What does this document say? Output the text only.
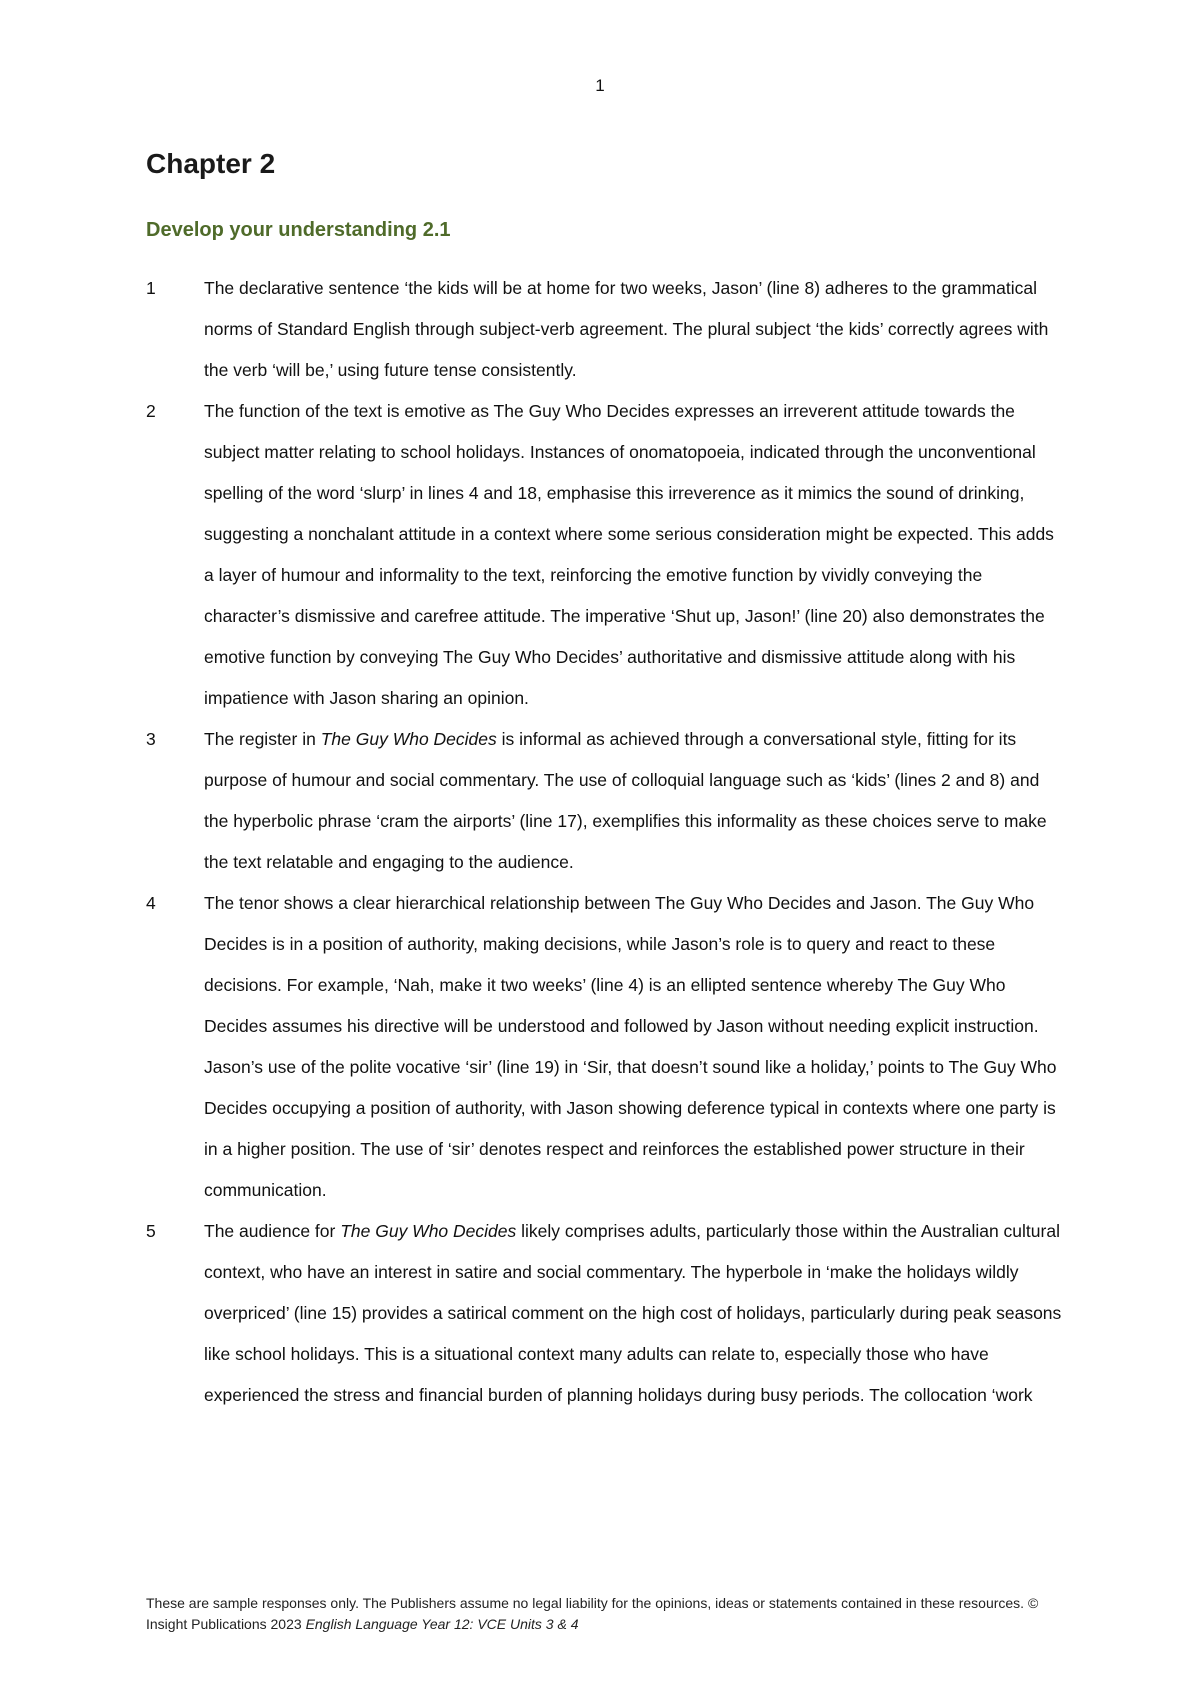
1
Chapter 2
Develop your understanding 2.1
1	The declarative sentence ‘the kids will be at home for two weeks, Jason’ (line 8) adheres to the grammatical norms of Standard English through subject-verb agreement. The plural subject ‘the kids’ correctly agrees with the verb ‘will be,’ using future tense consistently.

2	The function of the text is emotive as The Guy Who Decides expresses an irreverent attitude towards the subject matter relating to school holidays. Instances of onomatopoeia, indicated through the unconventional spelling of the word ‘slurp’ in lines 4 and 18, emphasise this irreverence as it mimics the sound of drinking, suggesting a nonchalant attitude in a context where some serious consideration might be expected. This adds a layer of humour and informality to the text, reinforcing the emotive function by vividly conveying the character’s dismissive and carefree attitude. The imperative ‘Shut up, Jason!’ (line 20) also demonstrates the emotive function by conveying The Guy Who Decides’ authoritative and dismissive attitude along with his impatience with Jason sharing an opinion.

3	The register in The Guy Who Decides is informal as achieved through a conversational style, fitting for its purpose of humour and social commentary. The use of colloquial language such as ‘kids’ (lines 2 and 8) and the hyperbolic phrase ‘cram the airports’ (line 17), exemplifies this informality as these choices serve to make the text relatable and engaging to the audience.

4	The tenor shows a clear hierarchical relationship between The Guy Who Decides and Jason. The Guy Who Decides is in a position of authority, making decisions, while Jason’s role is to query and react to these decisions. For example, ‘Nah, make it two weeks’ (line 4) is an ellipted sentence whereby The Guy Who Decides assumes his directive will be understood and followed by Jason without needing explicit instruction. Jason’s use of the polite vocative ‘sir’ (line 19) in ‘Sir, that doesn’t sound like a holiday,’ points to The Guy Who Decides occupying a position of authority, with Jason showing deference typical in contexts where one party is in a higher position. The use of ‘sir’ denotes respect and reinforces the established power structure in their communication.

5	The audience for The Guy Who Decides likely comprises adults, particularly those within the Australian cultural context, who have an interest in satire and social commentary. The hyperbole in ‘make the holidays wildly overpriced’ (line 15) provides a satirical comment on the high cost of holidays, particularly during peak seasons like school holidays. This is a situational context many adults can relate to, especially those who have experienced the stress and financial burden of planning holidays during busy periods. The collocation ‘work

These are sample responses only. The Publishers assume no legal liability for the opinions, ideas or statements contained in these resources. © Insight Publications 2023 English Language Year 12: VCE Units 3 & 4
